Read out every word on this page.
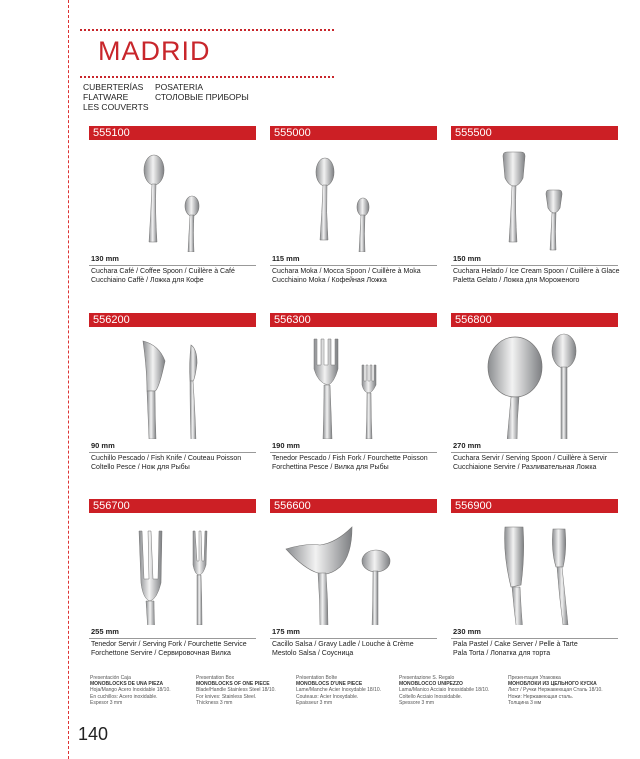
MADRID
CUBERTERÍAS
FLATWARE
LES COUVERTS
POSATERIA
СТОЛОВЫЕ ПРИБОРЫ
555100
130 mm
Cuchara Café / Coffee Spoon / Cuillère à Café
Cucchiaino Caffè / Ложка для Кофе
555000
115 mm
Cuchara Moka / Mocca Spoon / Cuillère à Moka
Cucchiaino Moka / Кофейная Ложка
555500
150 mm
Cuchara Helado / Ice Cream Spoon / Cuillère à Glace
Paletta Gelato / Ложка для Мороженого
556200
90 mm
Cuchillo Pescado / Fish Knife / Couteau Poisson
Coltello Pesce / Нож для Рыбы
556300
190 mm
Tenedor Pescado / Fish Fork / Fourchette Poisson
Forchettina Pesce / Вилка для Рыбы
556800
270 mm
Cuchara Servir / Serving Spoon / Cuillère à Servir
Cucchiaione Servire / Разливательная Ложка
556700
255 mm
Tenedor Servir / Serving Fork / Fourchette Service
Forchettone Servire / Сервировочная Вилка
556600
175 mm
Cacillo Salsa / Gravy Ladle / Louche à Crème
Mestolo Salsa / Соусница
556900
230 mm
Pala Pastel / Cake Server / Pelle à Tarte
Pala Torta / Лопатка для торта
Presentación Caja
MONOBLOCKS DE UNA PIEZA
Hoja/Mango Acero Inoxidable 18/10.
En cuchillos: Acero inoxidable.
Espesor 3 mm
Presentation Box
MONOBLOCKS OF ONE PIECE
Blade/Handle Stainless Steel 18/10.
For knives: Stainless Steel.
Thickness 3 mm
Présentation Boîte
MONOBLOCS D'UNE PIÈCE
Lame/Manche Acier Inoxydable 18/10.
Couteaux: Acier Inoxydable.
Épaisseur 3 mm
Presentazione S. Regalo
MONOBLOCCO UNIPEZZO
Lama/Manico Acciaio Inossidabile 18/10.
Coltello Acciaio Inossidabile.
Spessore 3 mm
Презентация Упаковка
МОНОБЛОКИ ИЗ ЦЕЛЬНОГО КУСКА
Лист / Ручки Нержавеющая Сталь 18/10.
Ножи: Нержавеющая сталь.
Толщина 3 мм
140
